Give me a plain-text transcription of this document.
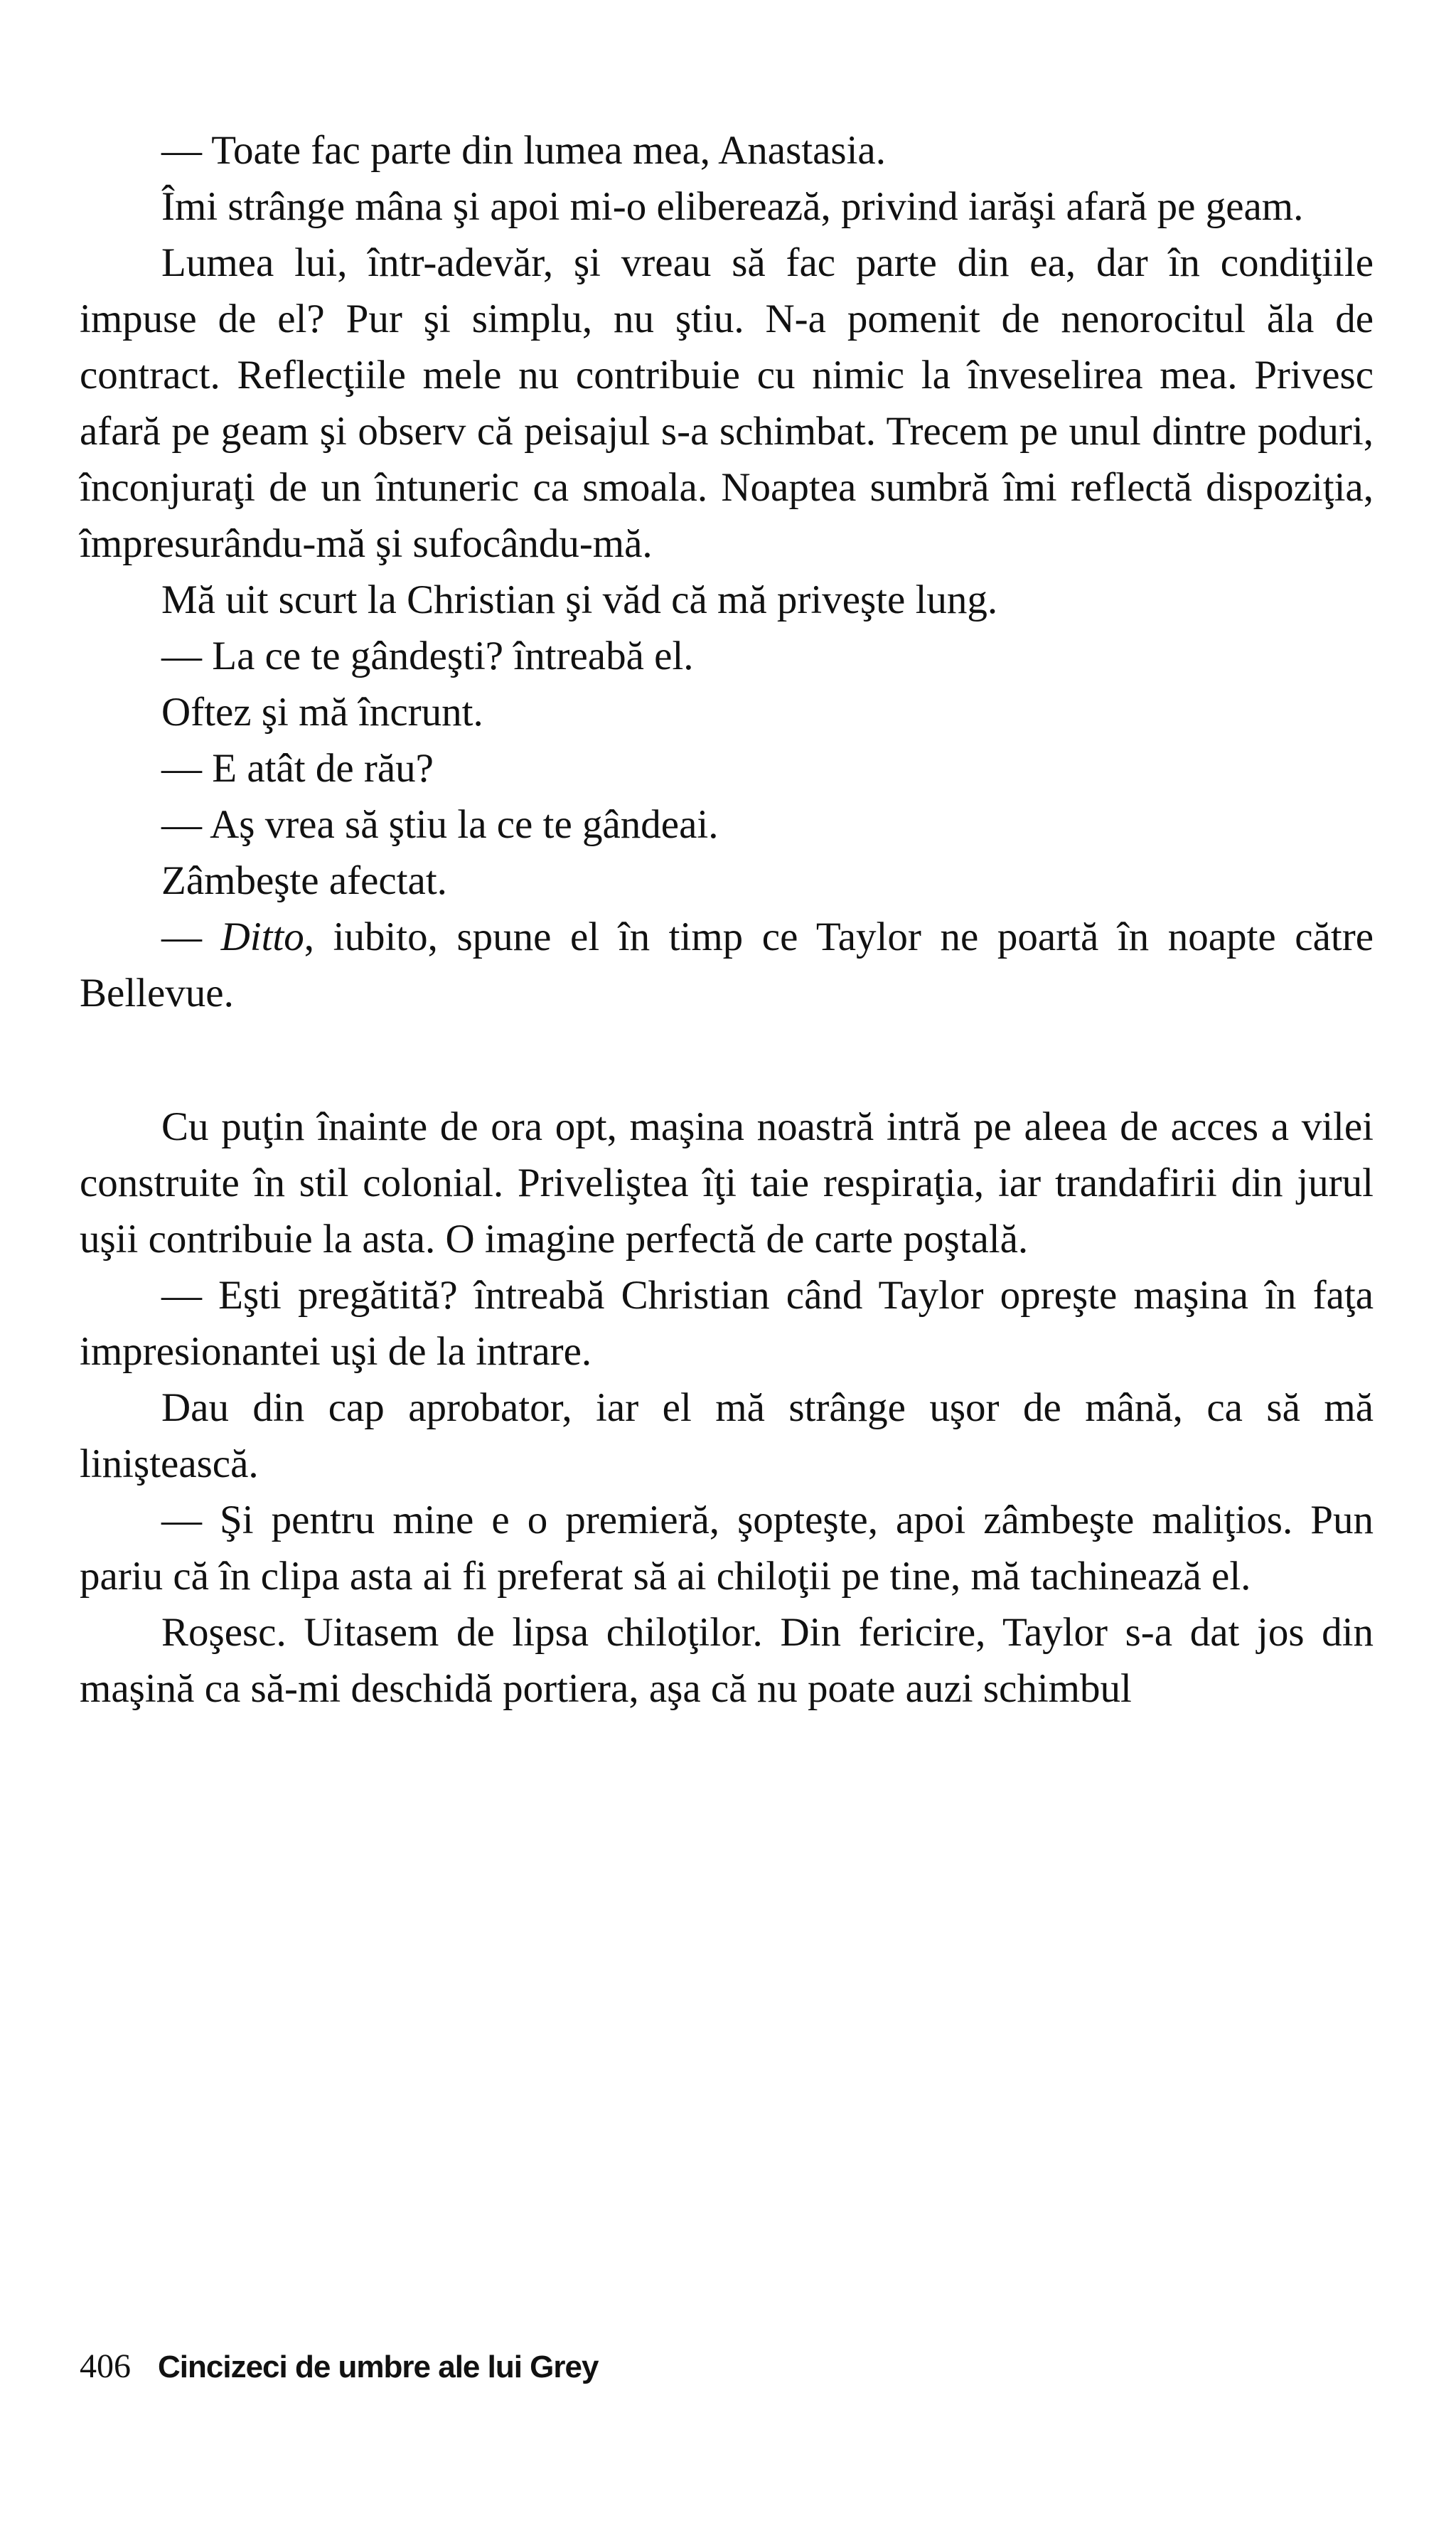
— Toate fac parte din lumea mea, Anastasia.

Îmi strânge mâna şi apoi mi-o eliberează, privind iarăşi afară pe geam.

Lumea lui, într-adevăr, şi vreau să fac parte din ea, dar în condiţiile impuse de el? Pur şi simplu, nu ştiu. N-a pomenit de nenorocitul ăla de contract. Reflecţiile mele nu contribuie cu nimic la înveselirea mea. Privesc afară pe geam şi observ că peisajul s-a schimbat. Trecem pe unul dintre poduri, înconjuraţi de un întuneric ca smoala. Noaptea sumbră îmi reflectă dispoziţia, împresurându-mă şi sufocându-mă.

Mă uit scurt la Christian şi văd că mă priveşte lung.

— La ce te gândeşti? întreabă el.

Oftez şi mă încrunt.

— E atât de rău?

— Aş vrea să ştiu la ce te gândeai.

Zâmbeşte afectat.

— Ditto, iubito, spune el în timp ce Taylor ne poartă în noapte către Bellevue.

Cu puţin înainte de ora opt, maşina noastră intră pe aleea de acces a vilei construite în stil colonial. Priveliştea îţi taie respiraţia, iar trandafirii din jurul uşii contribuie la asta. O imagine perfectă de carte poştală.

— Eşti pregătită? întreabă Christian când Taylor opreşte maşina în faţa impresionantei uşi de la intrare.

Dau din cap aprobator, iar el mă strânge uşor de mână, ca să mă liniştească.

— Şi pentru mine e o premieră, şopteşte, apoi zâmbeşte maliţios. Pun pariu că în clipa asta ai fi preferat să ai chiloţii pe tine, mă tachinează el.

Roşesc. Uitasem de lipsa chiloţilor. Din fericire, Taylor s-a dat jos din maşină ca să-mi deschidă portiera, aşa că nu poate auzi schimbul

406 Cincizeci de umbre ale lui Grey
